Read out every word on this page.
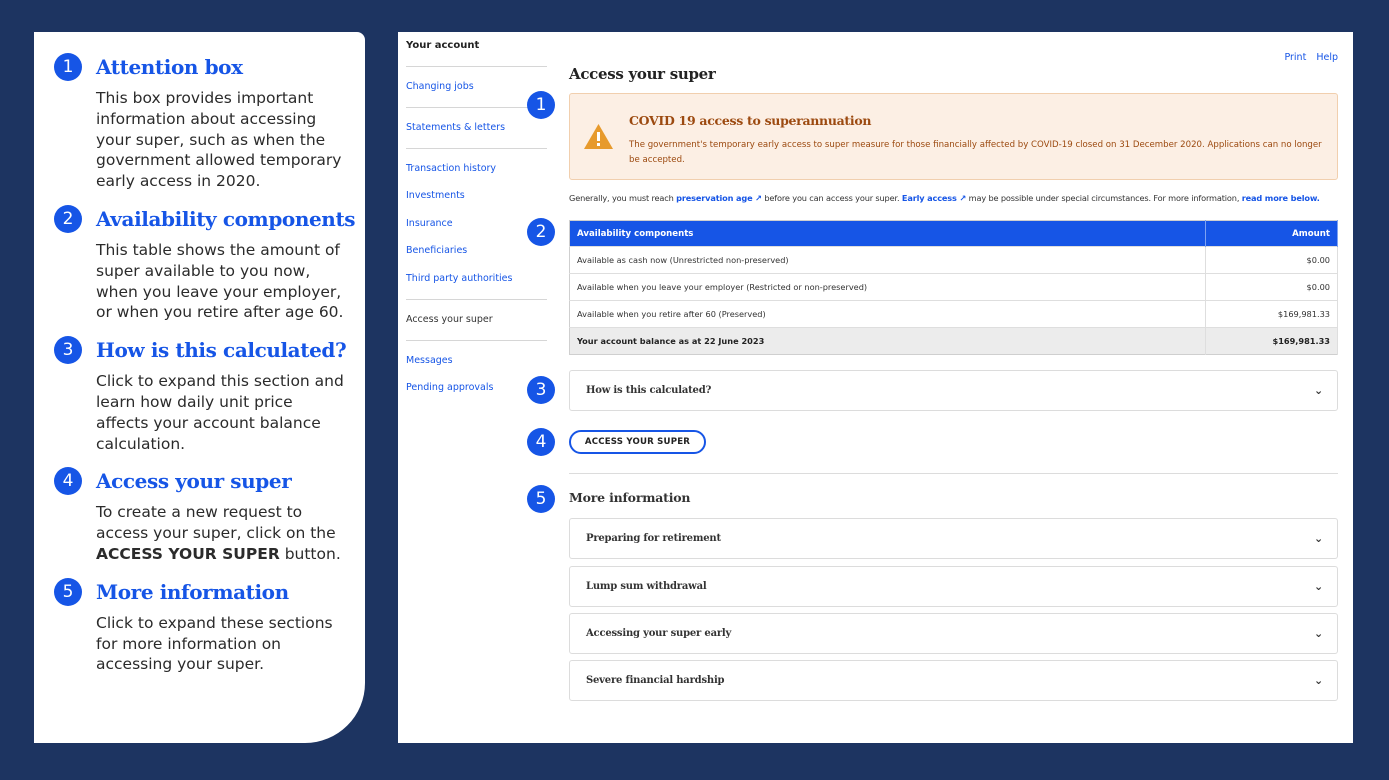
1	Attention box
This box provides important information about accessing your super, such as when the government allowed temporary early access in 2020.
2	Availability components
This table shows the amount of super available to you now, when you leave your employer, or when you retire after age 60.
3	How is this calculated?
Click to expand this section and learn how daily unit price affects your account balance calculation.
4	Access your super
To create a new request to access your super, click on the ACCESS YOUR SUPER button.
5	More information
Click to expand these sections for more information on accessing your super.
Your account
Changing jobs
Statements & letters
Transaction history
Investments
Insurance
Beneficiaries
Third party authorities
Access your super
Messages
Pending approvals
1
2
3
4
5
Print Help
Access your super
COVID 19 access to superannuation
The government's temporary early access to super measure for those financially affected by COVID-19 closed on 31 December 2020. Applications can no longer be accepted.
Generally, you must reach preservation age ↗ before you can access your super. Early access ↗ may be possible under special circumstances. For more information, read more below.
Availability components	Amount
Available as cash now (Unrestricted non-preserved)	$0.00
Available when you leave your employer (Restricted or non-preserved)	$0.00
Available when you retire after 60 (Preserved)	$169,981.33
Your account balance as at 22 June 2023	$169,981.33
How is this calculated?	⌄
ACCESS YOUR SUPER
More information
Preparing for retirement	⌄
Lump sum withdrawal	⌄
Accessing your super early	⌄
Severe financial hardship	⌄
